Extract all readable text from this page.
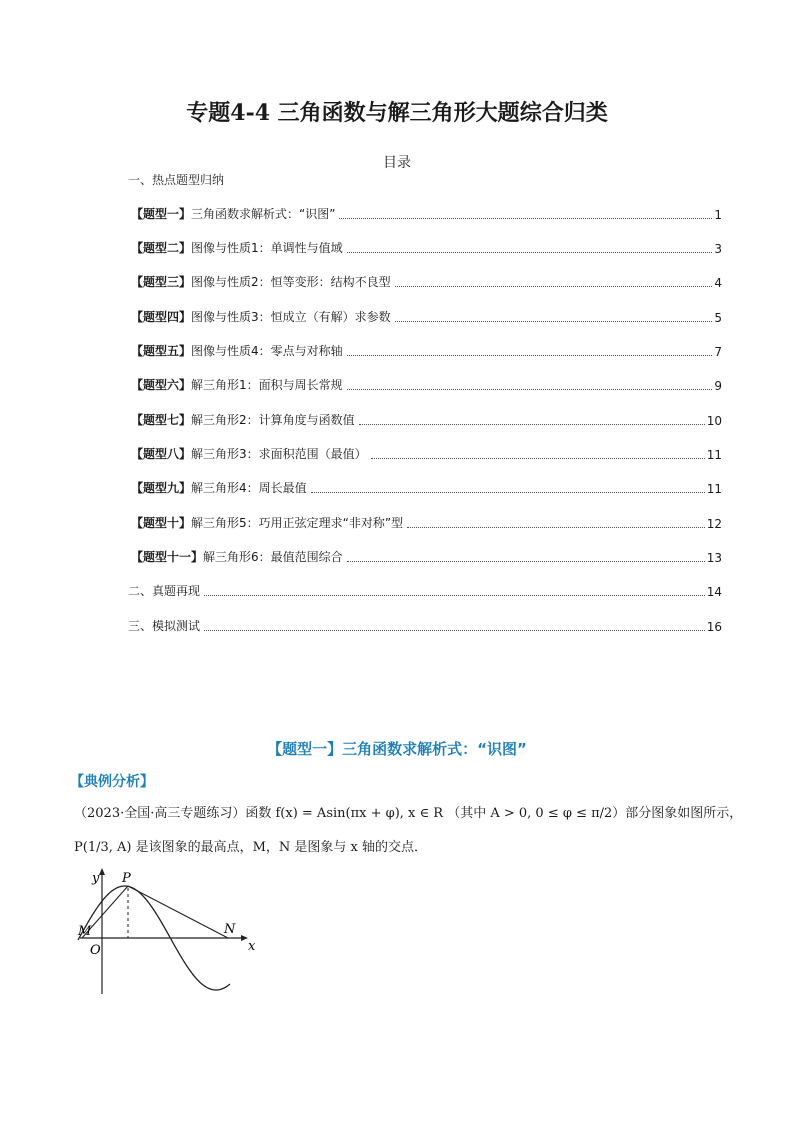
专题4-4 三角函数与解三角形大题综合归类
目录
一、热点题型归纳
【题型一】三角函数求解析式：“识图”	1
【题型二】图像与性质1：单调性与值域	3
【题型三】图像与性质2：恒等变形：结构不良型	4
【题型四】图像与性质3：恒成立（有解）求参数	5
【题型五】图像与性质4：零点与对称轴	7
【题型六】解三角形1：面积与周长常规	9
【题型七】解三角形2：计算角度与函数值	10
【题型八】解三角形3：求面积范围（最值）	11
【题型九】解三角形4：周长最值	11
【题型十】解三角形5：巧用正弦定理求“非对称”型	12
【题型十一】解三角形6：最值范围综合	13
二、真题再现	14
三、模拟测试	16
【题型一】三角函数求解析式：“识图”
【典例分析】
（2023·全国·高三专题练习）函数 f(x) = Asin(πx + φ), x ∈ R （其中 A > 0, 0 ≤ φ ≤ π/2）部分图象如图所示，
P(1/3, A) 是该图象的最高点，M，N 是图象与 x 轴的交点．
y
x
P
M	N
O
